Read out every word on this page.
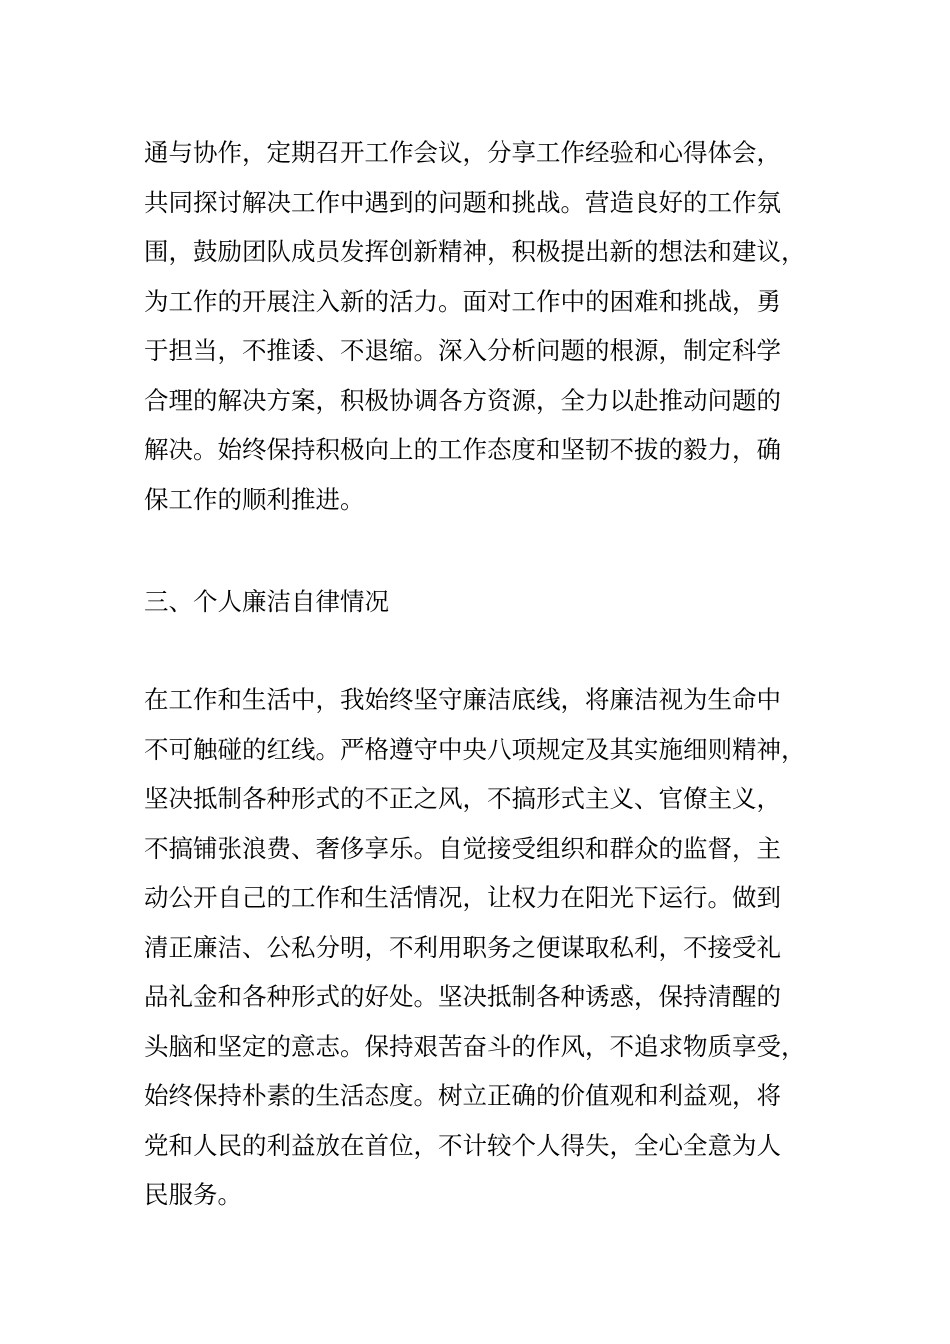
通与协作，定期召开工作会议，分享工作经验和心得体会，
共同探讨解决工作中遇到的问题和挑战。营造良好的工作氛
围，鼓励团队成员发挥创新精神，积极提出新的想法和建议，
为工作的开展注入新的活力。面对工作中的困难和挑战，勇
于担当，不推诿、不退缩。深入分析问题的根源，制定科学
合理的解决方案，积极协调各方资源，全力以赴推动问题的
解决。始终保持积极向上的工作态度和坚韧不拔的毅力，确
保工作的顺利推进。
三、个人廉洁自律情况
在工作和生活中，我始终坚守廉洁底线，将廉洁视为生命中
不可触碰的红线。严格遵守中央八项规定及其实施细则精神，
坚决抵制各种形式的不正之风，不搞形式主义、官僚主义，
不搞铺张浪费、奢侈享乐。自觉接受组织和群众的监督，主
动公开自己的工作和生活情况，让权力在阳光下运行。做到
清正廉洁、公私分明，不利用职务之便谋取私利，不接受礼
品礼金和各种形式的好处。坚决抵制各种诱惑，保持清醒的
头脑和坚定的意志。保持艰苦奋斗的作风，不追求物质享受，
始终保持朴素的生活态度。树立正确的价值观和利益观，将
党和人民的利益放在首位，不计较个人得失，全心全意为人
民服务。
